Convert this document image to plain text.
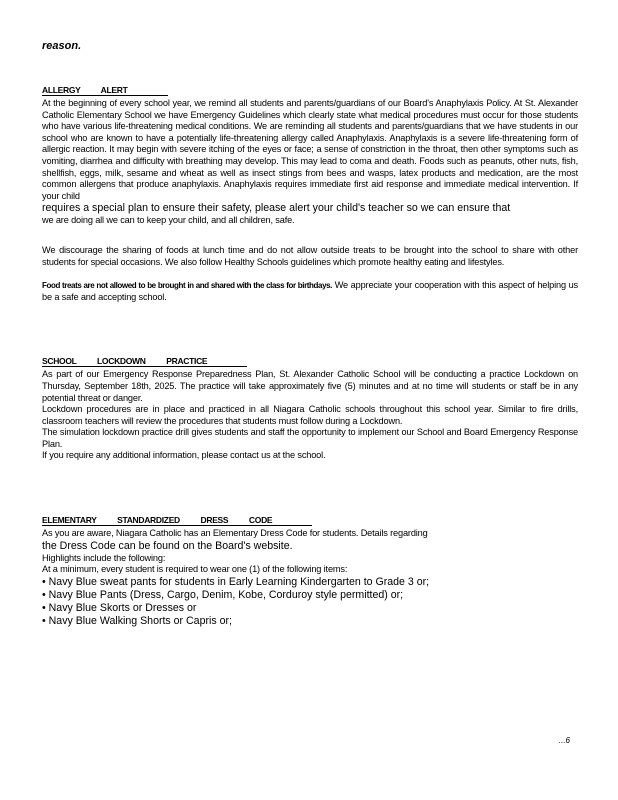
reason.
ALLERGY          ALERT
At the beginning of every school year, we remind all students and parents/guardians of our Board's Anaphylaxis Policy. At St. Alexander Catholic Elementary School we have Emergency Guidelines which clearly state what medical procedures must occur for those students who have various life-threatening medical conditions. We are reminding all students and parents/guardians that we have students in our school who are known to have a potentially life-threatening allergy called Anaphylaxis. Anaphylaxis is a severe life-threatening form of allergic reaction. It may begin with severe itching of the eyes or face; a sense of constriction in the throat, then other symptoms such as vomiting, diarrhea and difficulty with breathing may develop. This may lead to coma and death. Foods such as peanuts, other nuts, fish, shellfish, eggs, milk, sesame and wheat as well as insect stings from bees and wasps, latex products and medication, are the most common allergens that produce anaphylaxis. Anaphylaxis requires immediate first aid response and immediate medical intervention. If your child
requires a special plan to ensure their safety, please alert your child's teacher so we can ensure that
we are doing all we can to keep your child, and all children, safe.
We discourage the sharing of foods at lunch time and do not allow outside treats to be brought into the school to share with other students for special occasions. We also follow Healthy Schools guidelines which promote healthy eating and lifestyles.
Food treats are not allowed to be brought in and shared with the class for birthdays. We appreciate your cooperation with this aspect of helping us be a safe and accepting school.
SCHOOL          LOCKDOWN          PRACTICE
As part of our Emergency Response Preparedness Plan, St. Alexander Catholic School will be conducting a practice Lockdown on Thursday, September 18th, 2025. The practice will take approximately five (5) minutes and at no time will students or staff be in any potential threat or danger.
Lockdown procedures are in place and practiced in all Niagara Catholic schools throughout this school year. Similar to fire drills, classroom teachers will review the procedures that students must follow during a Lockdown.
The simulation lockdown practice drill gives students and staff the opportunity to implement our School and Board Emergency Response Plan.
If you require any additional information, please contact us at the school.
ELEMENTARY          STANDARDIZED          DRESS          CODE
As you are aware, Niagara Catholic has an Elementary Dress Code for students. Details regarding
the Dress Code can be found on the Board's website.
Highlights include the following:
At a minimum, every student is required to wear one (1) of the following items:
• Navy Blue sweat pants for students in Early Learning Kindergarten to Grade 3 or;
• Navy Blue Pants (Dress, Cargo, Denim, Kobe, Corduroy style permitted) or;
• Navy Blue Skorts or Dresses or
• Navy Blue Walking Shorts or Capris or;
...6
